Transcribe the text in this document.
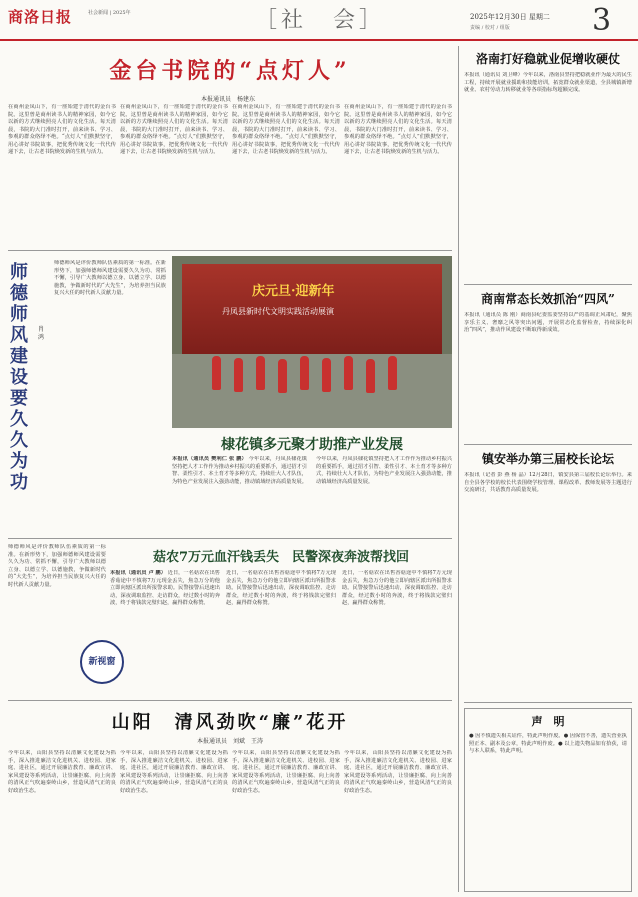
商洛日报	社会新闻 | 2025年	［社　会］	2025年12月30日 星期二
责编 / 校对 / 组版	3
金台书院的“点灯人”
本报通讯员　杨建东
在商州金凤山下，有一座始建于清代的金台书院。这里曾是商州读书人的精神家园，如今它以新的方式继续照亮人们的文化生活。每天清晨，书院的大门准时打开，前来读书、学习、参观的群众络绎不绝。“点灯人”们默默坚守，用心讲好书院故事，把优秀传统文化一代代传递下去，让古老书院焕发新的生机与活力。
在商州金凤山下，有一座始建于清代的金台书院。这里曾是商州读书人的精神家园，如今它以新的方式继续照亮人们的文化生活。每天清晨，书院的大门准时打开，前来读书、学习、参观的群众络绎不绝。“点灯人”们默默坚守，用心讲好书院故事，把优秀传统文化一代代传递下去，让古老书院焕发新的生机与活力。
在商州金凤山下，有一座始建于清代的金台书院。这里曾是商州读书人的精神家园，如今它以新的方式继续照亮人们的文化生活。每天清晨，书院的大门准时打开，前来读书、学习、参观的群众络绎不绝。“点灯人”们默默坚守，用心讲好书院故事，把优秀传统文化一代代传递下去，让古老书院焕发新的生机与活力。
在商州金凤山下，有一座始建于清代的金台书院。这里曾是商州读书人的精神家园，如今它以新的方式继续照亮人们的文化生活。每天清晨，书院的大门准时打开，前来读书、学习、参观的群众络绎不绝。“点灯人”们默默坚守，用心讲好书院故事，把优秀传统文化一代代传递下去，让古老书院焕发新的生机与活力。
师德师风建设要久久为功
肖鸿
师德师风是评价教师队伍素质的第一标准。在新形势下，加强师德师风建设需要久久为功、常抓不懈，引导广大教师以德立身、以德立学、以德施教，争做新时代的“大先生”，为培养担当民族复兴大任的时代新人贡献力量。	庆元旦·迎新年
丹凤县新时代文明实践活动展演
棣花镇多元聚才助推产业发展
本报讯（通讯员 樊利仁 张 鹏） 今年以来，丹凤县棣花镇坚持把人才工作作为推动乡村振兴的重要抓手，通过招才引智、柔性引才、本土育才等多种方式，持续壮大人才队伍，为特色产业发展注入强劲动能，推动镇域经济高质量发展。
今年以来，丹凤县棣花镇坚持把人才工作作为推动乡村振兴的重要抓手，通过招才引智、柔性引才、本土育才等多种方式，持续壮大人才队伍，为特色产业发展注入强劲动能，推动镇域经济高质量发展。
菇农7万元血汗钱丢失　民警深夜奔波帮找回
本报讯（通讯员 卢 鹏） 近日，一名菇农在出售香菇途中不慎将7万元现金丢失，焦急万分的他立即向辖区派出所报警求助。民警接警后迅速出动，深夜调取监控、走访群众，经过数小时的奔波，终于将钱款完璧归赵，赢得群众称赞。
近日，一名菇农在出售香菇途中不慎将7万元现金丢失，焦急万分的他立即向辖区派出所报警求助。民警接警后迅速出动，深夜调取监控、走访群众，经过数小时的奔波，终于将钱款完璧归赵，赢得群众称赞。
近日，一名菇农在出售香菇途中不慎将7万元现金丢失，焦急万分的他立即向辖区派出所报警求助。民警接警后迅速出动，深夜调取监控、走访群众，经过数小时的奔波，终于将钱款完璧归赵，赢得群众称赞。
师德师风是评价教师队伍素质的第一标准。在新形势下，加强师德师风建设需要久久为功、常抓不懈，引导广大教师以德立身、以德立学、以德施教，争做新时代的“大先生”，为培养担当民族复兴大任的时代新人贡献力量。
新视窗
山阳　清风劲吹“廉”花开
本报通讯员　刘斌　王涛
今年以来，山阳县坚持以清廉文化建设为抓手，深入推进廉洁文化进机关、进校园、进家庭、进社区，通过开展廉洁教育、廉政宣讲、家风建设等系列活动，让崇廉拒腐、向上向善的清风正气吹遍秦岭山乡，营造风清气正的良好政治生态。
今年以来，山阳县坚持以清廉文化建设为抓手，深入推进廉洁文化进机关、进校园、进家庭、进社区，通过开展廉洁教育、廉政宣讲、家风建设等系列活动，让崇廉拒腐、向上向善的清风正气吹遍秦岭山乡，营造风清气正的良好政治生态。
今年以来，山阳县坚持以清廉文化建设为抓手，深入推进廉洁文化进机关、进校园、进家庭、进社区，通过开展廉洁教育、廉政宣讲、家风建设等系列活动，让崇廉拒腐、向上向善的清风正气吹遍秦岭山乡，营造风清气正的良好政治生态。
今年以来，山阳县坚持以清廉文化建设为抓手，深入推进廉洁文化进机关、进校园、进家庭、进社区，通过开展廉洁教育、廉政宣讲、家风建设等系列活动，让崇廉拒腐、向上向善的清风正气吹遍秦岭山乡，营造风清气正的良好政治生态。
洛南打好稳就业促增收硬仗
本报讯（通讯员 刘卫峰）今年以来，洛南县坚持把稳就业作为最大的民生工程，持续开展就业援助和技能培训，拓宽群众就业渠道，全县城镇新增就业、农村劳动力转移就业等各项指标均超额完成。
商南常态长效抓治“四风”
本报讯（通讯员 陈 刚）商南县纪委监委坚持以严的基调正风肃纪，聚焦享乐主义、奢靡之风等突出问题，开展常态化监督检查，持续深化纠治“四风”，推动作风建设不断取得新成效。
镇安举办第三届校长论坛
本报讯（记者 彭 燕 杨 晶）12月28日，镇安县第三届校长论坛举行。来自全县各学校的校长代表围绕学校管理、课程改革、教师发展等主题进行交流研讨，共话教育高质量发展。
声　明
● 因不慎遗失相关证件，特此声明作废。● 因保管不善，遗失营业执照正本、副本及公章，特此声明作废。● 以上遗失物品如有拾获，请与本人联系，特此声明。
